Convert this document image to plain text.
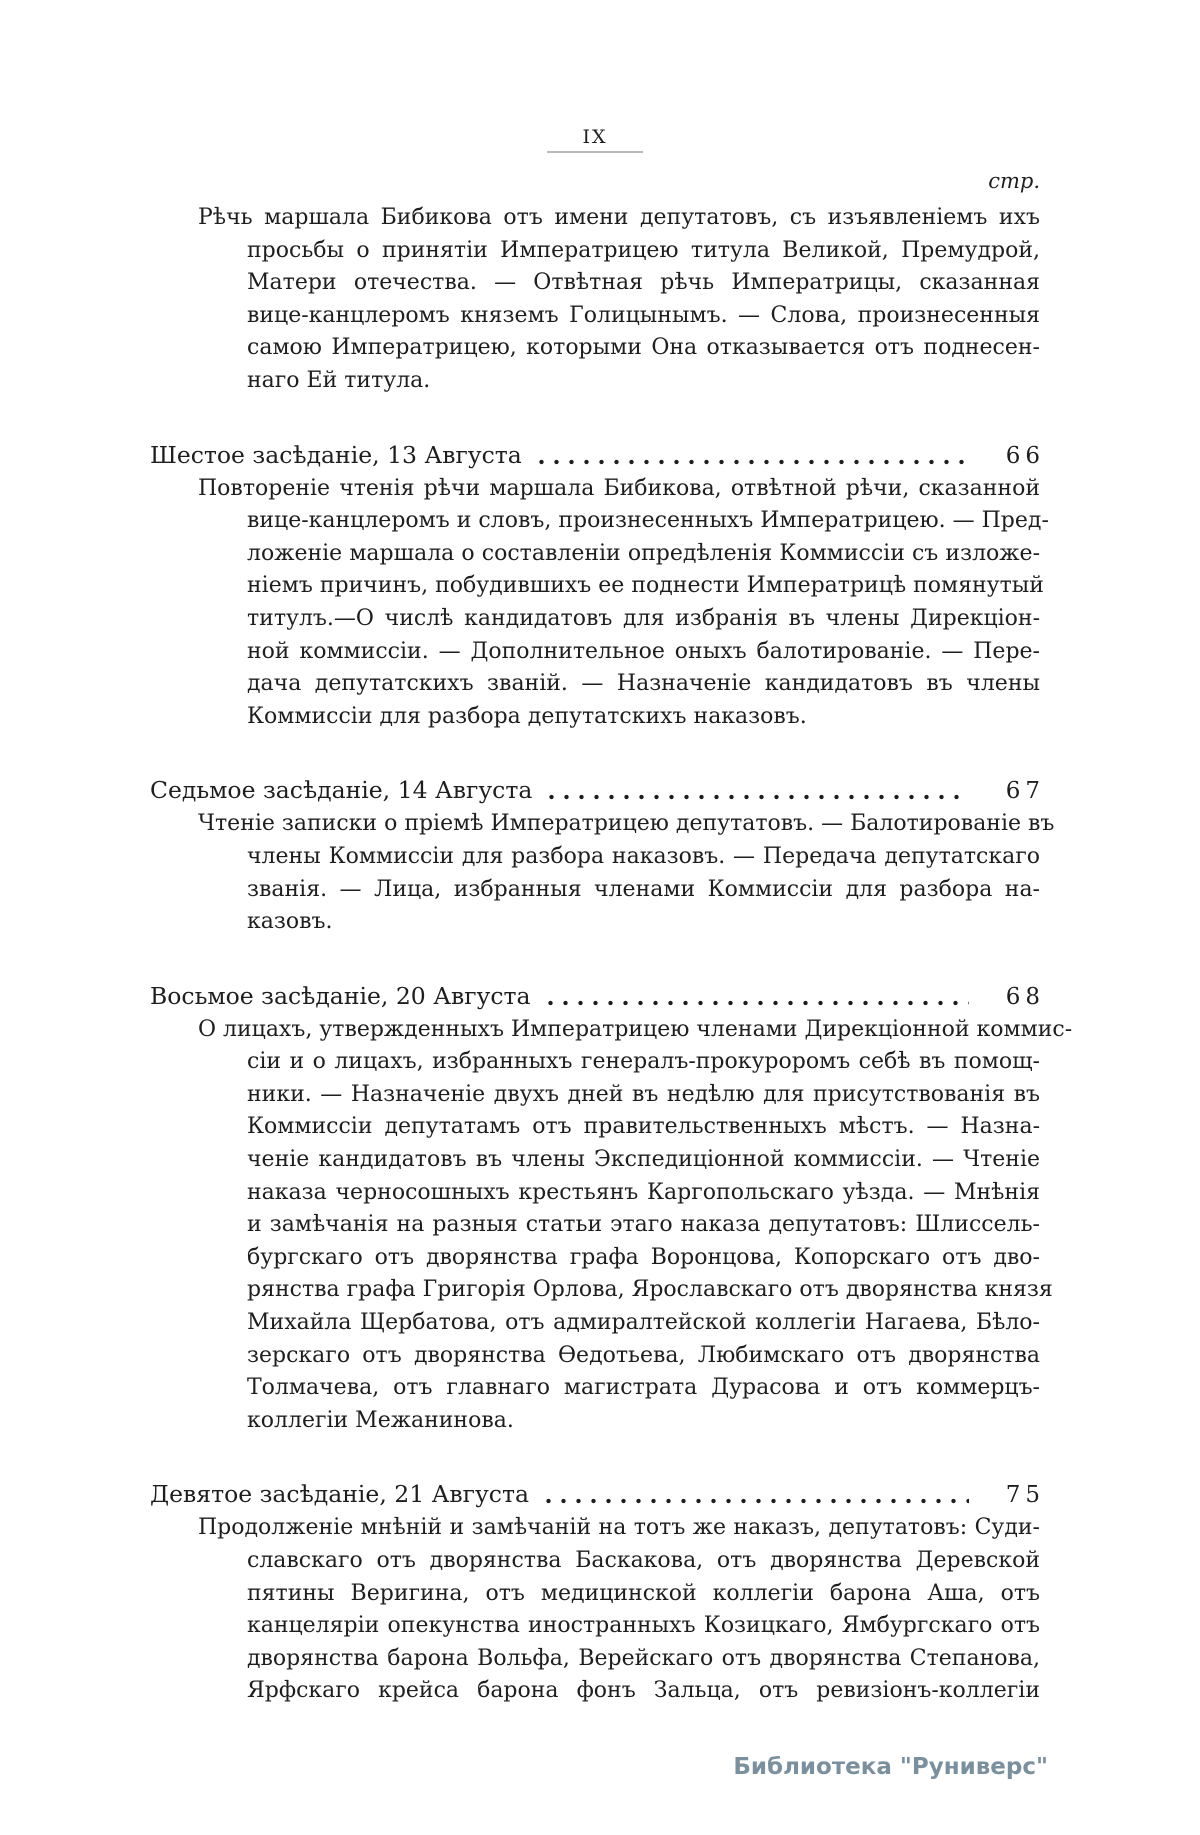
IX
стр.
Рѣчь маршала Бибикова отъ имени депутатовъ, съ изъявленіемъ ихъ
просьбы о принятіи Императрицею титула Великой, Премудрой,
Матери отечества. — Отвѣтная рѣчь Императрицы, сказанная
вице-канцлеромъ княземъ Голицынымъ. — Слова, произнесенныя
самою Императрицею, которыми Она отказывается отъ поднесен-
наго Ей титула.
Шестое засѣданіе, 13 Августа	66
Повтореніе чтенія рѣчи маршала Бибикова, отвѣтной рѣчи, сказанной
вице-канцлеромъ и словъ, произнесенныхъ Императрицею. — Пред-
ложеніе маршала о составленіи опредѣленія Коммиссіи съ изложе-
ніемъ причинъ, побудившихъ ее поднести Императрицѣ помянутый
титулъ.—О числѣ кандидатовъ для избранія въ члены Дирекціон-
ной коммиссіи. — Дополнительное оныхъ балотированіе. — Пере-
дача депутатскихъ званій. — Назначеніе кандидатовъ въ члены
Коммиссіи для разбора депутатскихъ наказовъ.
Седьмое засѣданіе, 14 Августа	67
Чтеніе записки о пріемѣ Императрицею депутатовъ. — Балотированіе въ
члены Коммиссіи для разбора наказовъ. — Передача депутатскаго
званія. — Лица, избранныя членами Коммиссіи для разбора на-
казовъ.
Восьмое засѣданіе, 20 Августа	68
О лицахъ, утвержденныхъ Императрицею членами Дирекціонной коммис-
сіи и о лицахъ, избранныхъ генералъ-прокуроромъ себѣ въ помощ-
ники. — Назначеніе двухъ дней въ недѣлю для присутствованія въ
Коммиссіи депутатамъ отъ правительственныхъ мѣстъ. — Назна-
ченіе кандидатовъ въ члены Экспедиціонной коммиссіи. — Чтеніе
наказа черносошныхъ крестьянъ Каргопольскаго уѣзда. — Мнѣнія
и замѣчанія на разныя статьи этаго наказа депутатовъ: Шлиссель-
бургскаго отъ дворянства графа Воронцова, Копорскаго отъ дво-
рянства графа Григорія Орлова, Ярославскаго отъ дворянства князя
Михайла Щербатова, отъ адмиралтейской коллегіи Нагаева, Бѣло-
зерскаго отъ дворянства Ѳедотьева, Любимскаго отъ дворянства
Толмачева, отъ главнаго магистрата Дурасова и отъ коммерцъ-
коллегіи Межанинова.
Девятое засѣданіе, 21 Августа	75
Продолженіе мнѣній и замѣчаній на тотъ же наказъ, депутатовъ: Суди-
славскаго отъ дворянства Баскакова, отъ дворянства Деревской
пятины Веригина, отъ медицинской коллегіи барона Аша, отъ
канцеляріи опекунства иностранныхъ Козицкаго, Ямбургскаго отъ
дворянства барона Вольфа, Верейскаго отъ дворянства Степанова,
Ярфскаго крейса барона фонъ Зальца, отъ ревизіонъ-коллегіи
Библиотека "Руниверс"
